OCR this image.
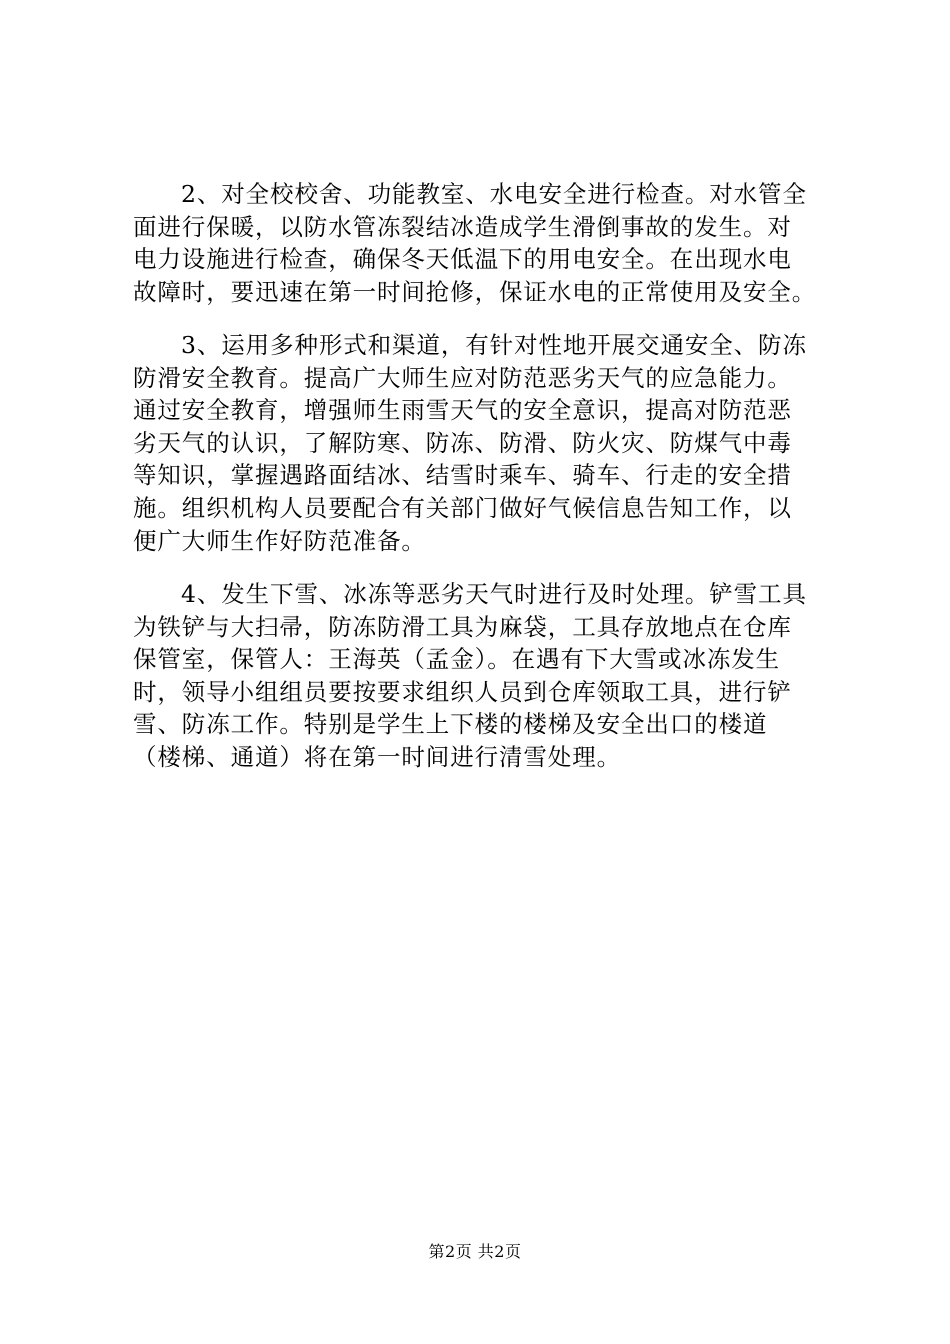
2、对全校校舍、功能教室、水电安全进行检查。对水管全
面进行保暖，以防水管冻裂结冰造成学生滑倒事故的发生。对
电力设施进行检查，确保冬天低温下的用电安全。在出现水电
故障时，要迅速在第一时间抢修，保证水电的正常使用及安全。

3、运用多种形式和渠道，有针对性地开展交通安全、防冻
防滑安全教育。提高广大师生应对防范恶劣天气的应急能力。
通过安全教育，增强师生雨雪天气的安全意识，提高对防范恶
劣天气的认识，了解防寒、防冻、防滑、防火灾、防煤气中毒
等知识，掌握遇路面结冰、结雪时乘车、骑车、行走的安全措
施。组织机构人员要配合有关部门做好气候信息告知工作，以
便广大师生作好防范准备。

4、发生下雪、冰冻等恶劣天气时进行及时处理。铲雪工具
为铁铲与大扫帚，防冻防滑工具为麻袋，工具存放地点在仓库
保管室，保管人：王海英（孟金）。在遇有下大雪或冰冻发生
时，领导小组组员要按要求组织人员到仓库领取工具，进行铲
雪、防冻工作。特别是学生上下楼的楼梯及安全出口的楼道
（楼梯、通道）将在第一时间进行清雪处理。

第2页 共2页
